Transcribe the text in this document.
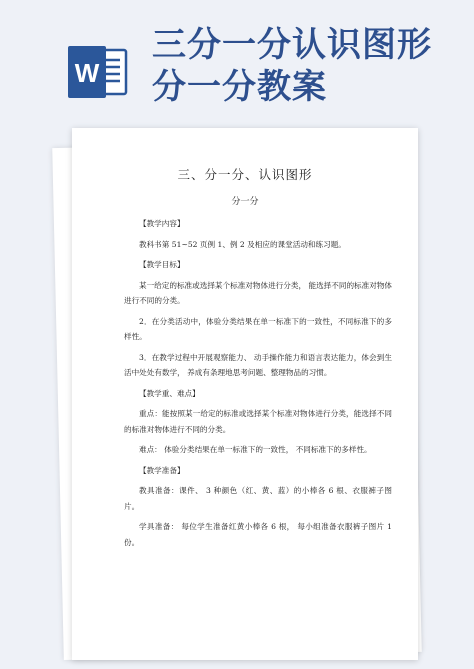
W
三分一分认识图形
分一分教案
三、分一分、认识图形
分一分

【教学内容】

教科书第 51~52 页例 1、例 2 及相应的课堂活动和练习题。

【教学目标】

某一给定的标准或选择某个标准对物体进行分类， 能选择不同的标准对物体进行不同的分类。

2．在分类活动中，体验分类结果在单一标准下的一致性，不同标准下的多样性。

3．在教学过程中开展观察能力、 动手操作能力和语言表达能力，体会到生活中处处有数学， 养成有条理地思考问题、整理物品的习惯。

【教学重、难点】

重点：能按照某一给定的标准或选择某个标准对物体进行分类，能选择不同的标准对物体进行不同的分类。

难点： 体验分类结果在单一标准下的一致性， 不同标准下的多样性。

【教学准备】

教具准备：课件、 3 种颜色（红、黄、蓝）的小棒各 6 根、衣服裤子图片。

学具准备： 每位学生准备红黄小棒各 6 根， 每小组准备衣服裤子图片 1 份。
